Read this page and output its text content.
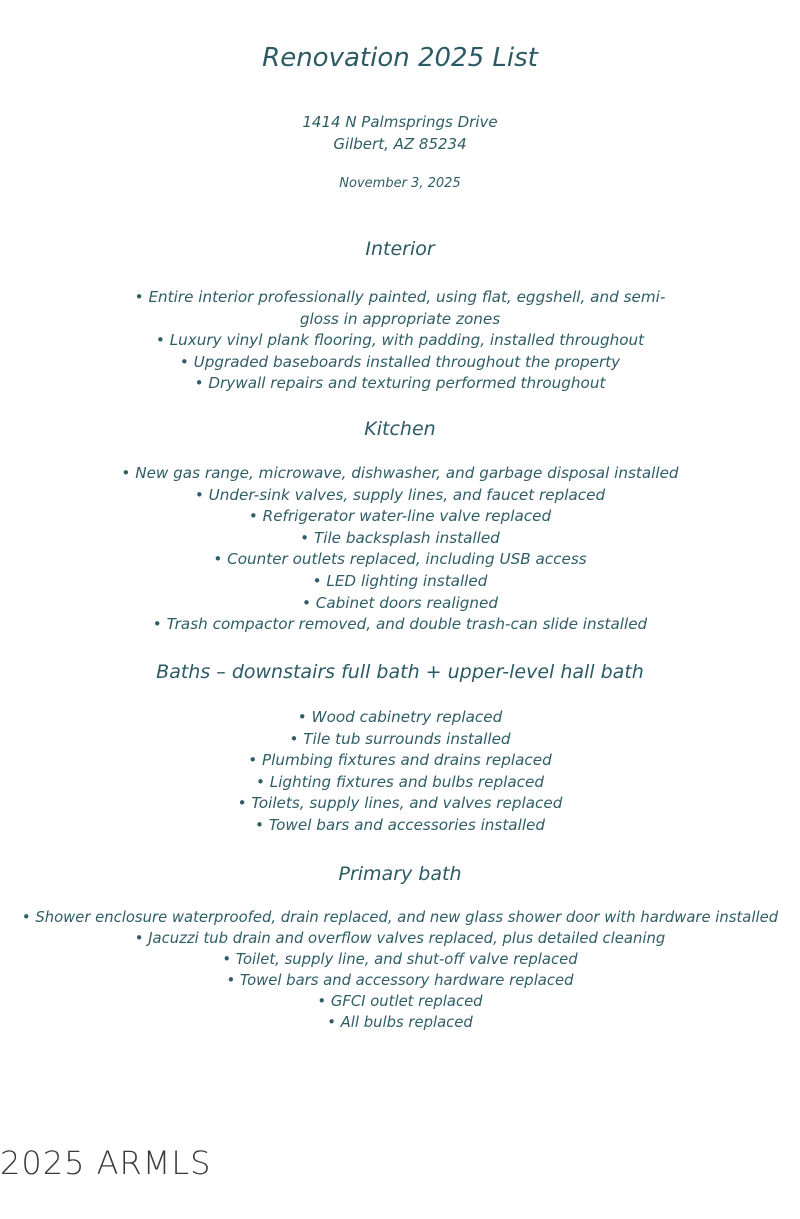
Renovation 2025 List
1414 N Palmsprings Drive
Gilbert, AZ 85234
November 3, 2025
Interior
• Entire interior professionally painted, using flat, eggshell, and semi-gloss in appropriate zones
• Luxury vinyl plank flooring, with padding, installed throughout
• Upgraded baseboards installed throughout the property
• Drywall repairs and texturing performed throughout
Kitchen
• New gas range, microwave, dishwasher, and garbage disposal installed
• Under-sink valves, supply lines, and faucet replaced
• Refrigerator water-line valve replaced
• Tile backsplash installed
• Counter outlets replaced, including USB access
• LED lighting installed
• Cabinet doors realigned
• Trash compactor removed, and double trash-can slide installed
Baths – downstairs full bath + upper-level hall bath
• Wood cabinetry replaced
• Tile tub surrounds installed
• Plumbing fixtures and drains replaced
• Lighting fixtures and bulbs replaced
• Toilets, supply lines, and valves replaced
• Towel bars and accessories installed
Primary bath
• Shower enclosure waterproofed, drain replaced, and new glass shower door with hardware installed
• Jacuzzi tub drain and overflow valves replaced, plus detailed cleaning
• Toilet, supply line, and shut-off valve replaced
• Towel bars and accessory hardware replaced
• GFCI outlet replaced
• All bulbs replaced
2025 ARMLS
